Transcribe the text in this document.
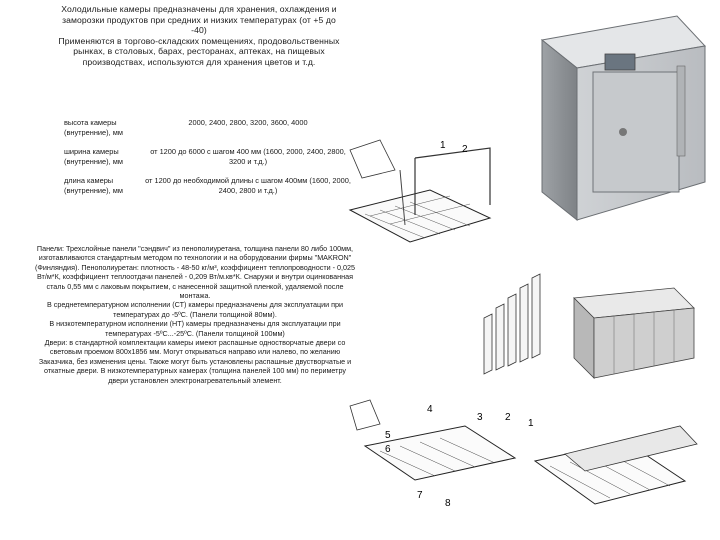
Холодильные камеры предназначены для хранения, охлаждения и заморозки продуктов при средних и низких температурах (от +5 до -40)
Применяются в торгово-складских помещениях, продовольственных рынках, в столовых, барах, ресторанах, аптеках, на пищевых производствах, используются для хранения цветов и т.д.
высота камеры (внутренние), мм
2000, 2400, 2800, 3200, 3600, 4000
ширина камеры (внутренние), мм
от 1200 до 6000 с шагом 400 мм (1600, 2000, 2400, 2800, 3200 и т.д.)
длина камеры (внутренние), мм
от 1200 до необходимой длины с шагом 400мм (1600, 2000, 2400, 2800 и т.д.)

Панели: Трехслойные панели "сэндвич" из пенополиуретана, толщина панели 80 либо 100мм, изготавливаются стандартным методом по технологии и на оборудовании фирмы "MAKRON" (Финляндия). Пенополиуретан: плотность - 48-50 кг/м³, коэффициент теплопроводности - 0,025 Вт/м*К, коэффициент теплоотдачи панелей - 0,209 Вт/м.кв*К. Снаружи и внутри оцинкованная сталь 0,55 мм с лаковым покрытием, с нанесенной защитной пленкой, удаляемой после монтажа.

В среднетемпературном исполнении (СТ) камеры предназначены для эксплуатации при температурах до -5ºС. (Панели толщиной 80мм).

В низкотемпературном исполнении (НТ) камеры предназначены для эксплуатации при температурах -5ºС...-25ºС. (Панели толщиной 100мм)

Двери: в стандартной комплектации камеры имеют распашные одностворчатые двери со световым проемом 800х1856 мм. Могут открываться направо или налево, по желанию Заказчика, без изменения цены. Также могут быть установлены распашные двустворчатые и откатные двери. В низкотемпературных камерах (толщина панелей 100 мм) по периметру двери установлен электронагревательный элемент.

1 2
4
3 2
1
5
6
7
8
